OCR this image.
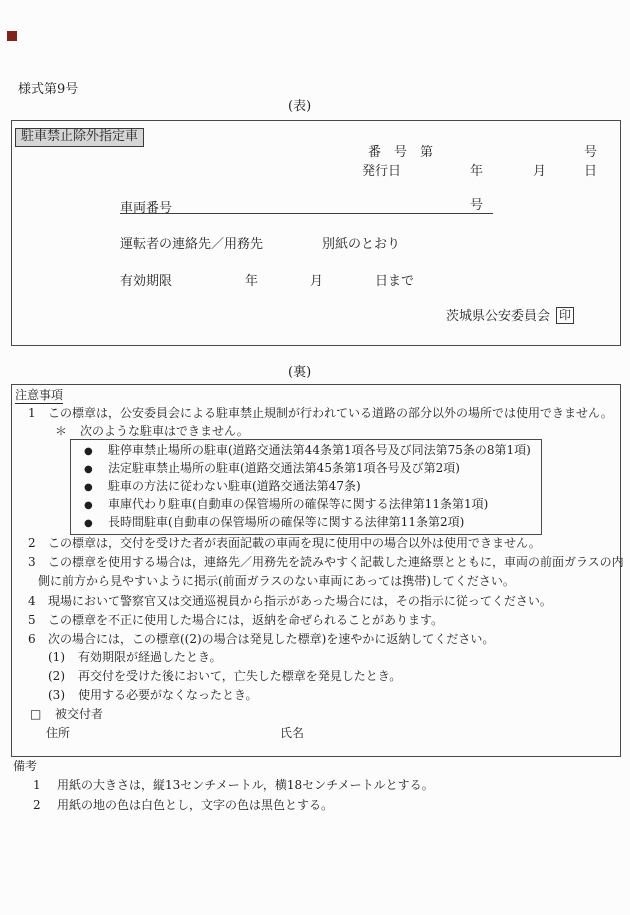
様式第9号
(表)
駐車禁止除外指定車
番　号　第	号
発行日	年	月	日
車両番号	号
運転者の連絡先／用務先	別紙のとおり
有効期限	年	月	日まで
茨城県公安委員会 印
(裏)
注意事項
1 この標章は，公安委員会による駐車禁止規制が行われている道路の部分以外の場所では使用できません。
＊ 次のような駐車はできません。
● 駐停車禁止場所の駐車(道路交通法第44条第1項各号及び同法第75条の8第1項)
● 法定駐車禁止場所の駐車(道路交通法第45条第1項各号及び第2項)
● 駐車の方法に従わない駐車(道路交通法第47条)
● 車庫代わり駐車(自動車の保管場所の確保等に関する法律第11条第1項)
● 長時間駐車(自動車の保管場所の確保等に関する法律第11条第2項)
2 この標章は，交付を受けた者が表面記載の車両を現に使用中の場合以外は使用できません。
3 この標章を使用する場合は，連絡先／用務先を読みやすく記載した連絡票とともに，車両の前面ガラスの内
側に前方から見やすいように掲示(前面ガラスのない車両にあっては携帯)してください。
4 現場において警察官又は交通巡視員から指示があった場合には，その指示に従ってください。
5 この標章を不正に使用した場合には，返納を命ぜられることがあります。
6 次の場合には，この標章((2)の場合は発見した標章)を速やかに返納してください。
(1) 有効期限が経過したとき。
(2) 再交付を受けた後において，亡失した標章を発見したとき。
(3) 使用する必要がなくなったとき。
□ 被交付者
住所	氏名
備考
1 用紙の大きさは，縦13センチメートル，横18センチメートルとする。
2 用紙の地の色は白色とし，文字の色は黒色とする。
